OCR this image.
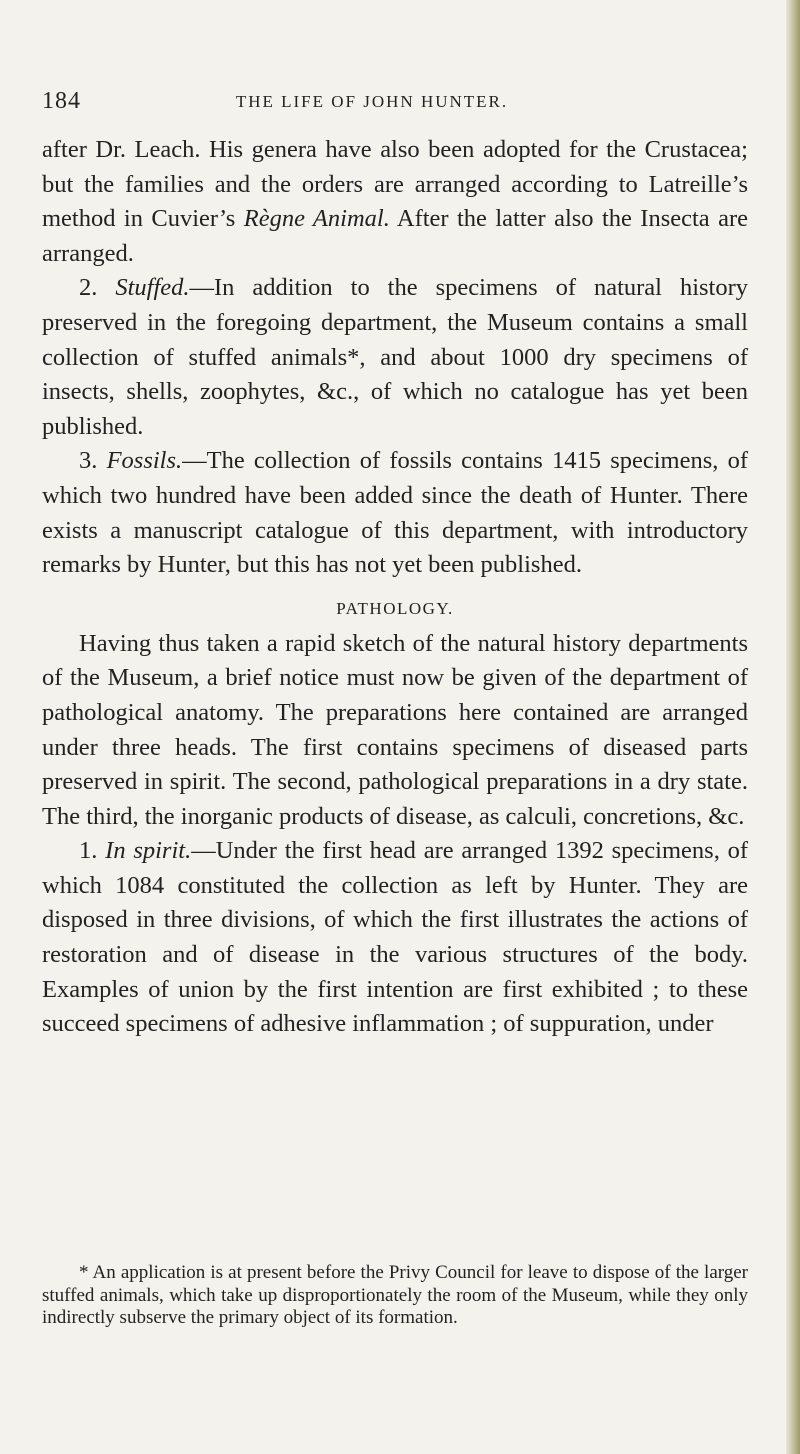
184	THE LIFE OF JOHN HUNTER.

after Dr. Leach. His genera have also been adopted for the Crustacea; but the families and the orders are arranged according to Latreille’s method in Cuvier’s Règne Animal. After the latter also the Insecta are arranged.

2. Stuffed.—In addition to the specimens of natural history preserved in the foregoing department, the Museum contains a small collection of stuffed animals*, and about 1000 dry specimens of insects, shells, zoophytes, &c., of which no catalogue has yet been published.

3. Fossils.—The collection of fossils contains 1415 specimens, of which two hundred have been added since the death of Hunter. There exists a manuscript catalogue of this department, with introductory remarks by Hunter, but this has not yet been published.

PATHOLOGY.

Having thus taken a rapid sketch of the natural history departments of the Museum, a brief notice must now be given of the department of pathological anatomy. The preparations here contained are arranged under three heads. The first contains specimens of diseased parts preserved in spirit. The second, pathological preparations in a dry state. The third, the inorganic products of disease, as calculi, concretions, &c.

1. In spirit.—Under the first head are arranged 1392 specimens, of which 1084 constituted the collection as left by Hunter. They are disposed in three divisions, of which the first illustrates the actions of restoration and of disease in the various structures of the body. Examples of union by the first intention are first exhibited ; to these succeed specimens of adhesive inflammation ; of suppuration, under

* An application is at present before the Privy Council for leave to dispose of the larger stuffed animals, which take up disproportionately the room of the Museum, while they only indirectly subserve the primary object of its formation.
